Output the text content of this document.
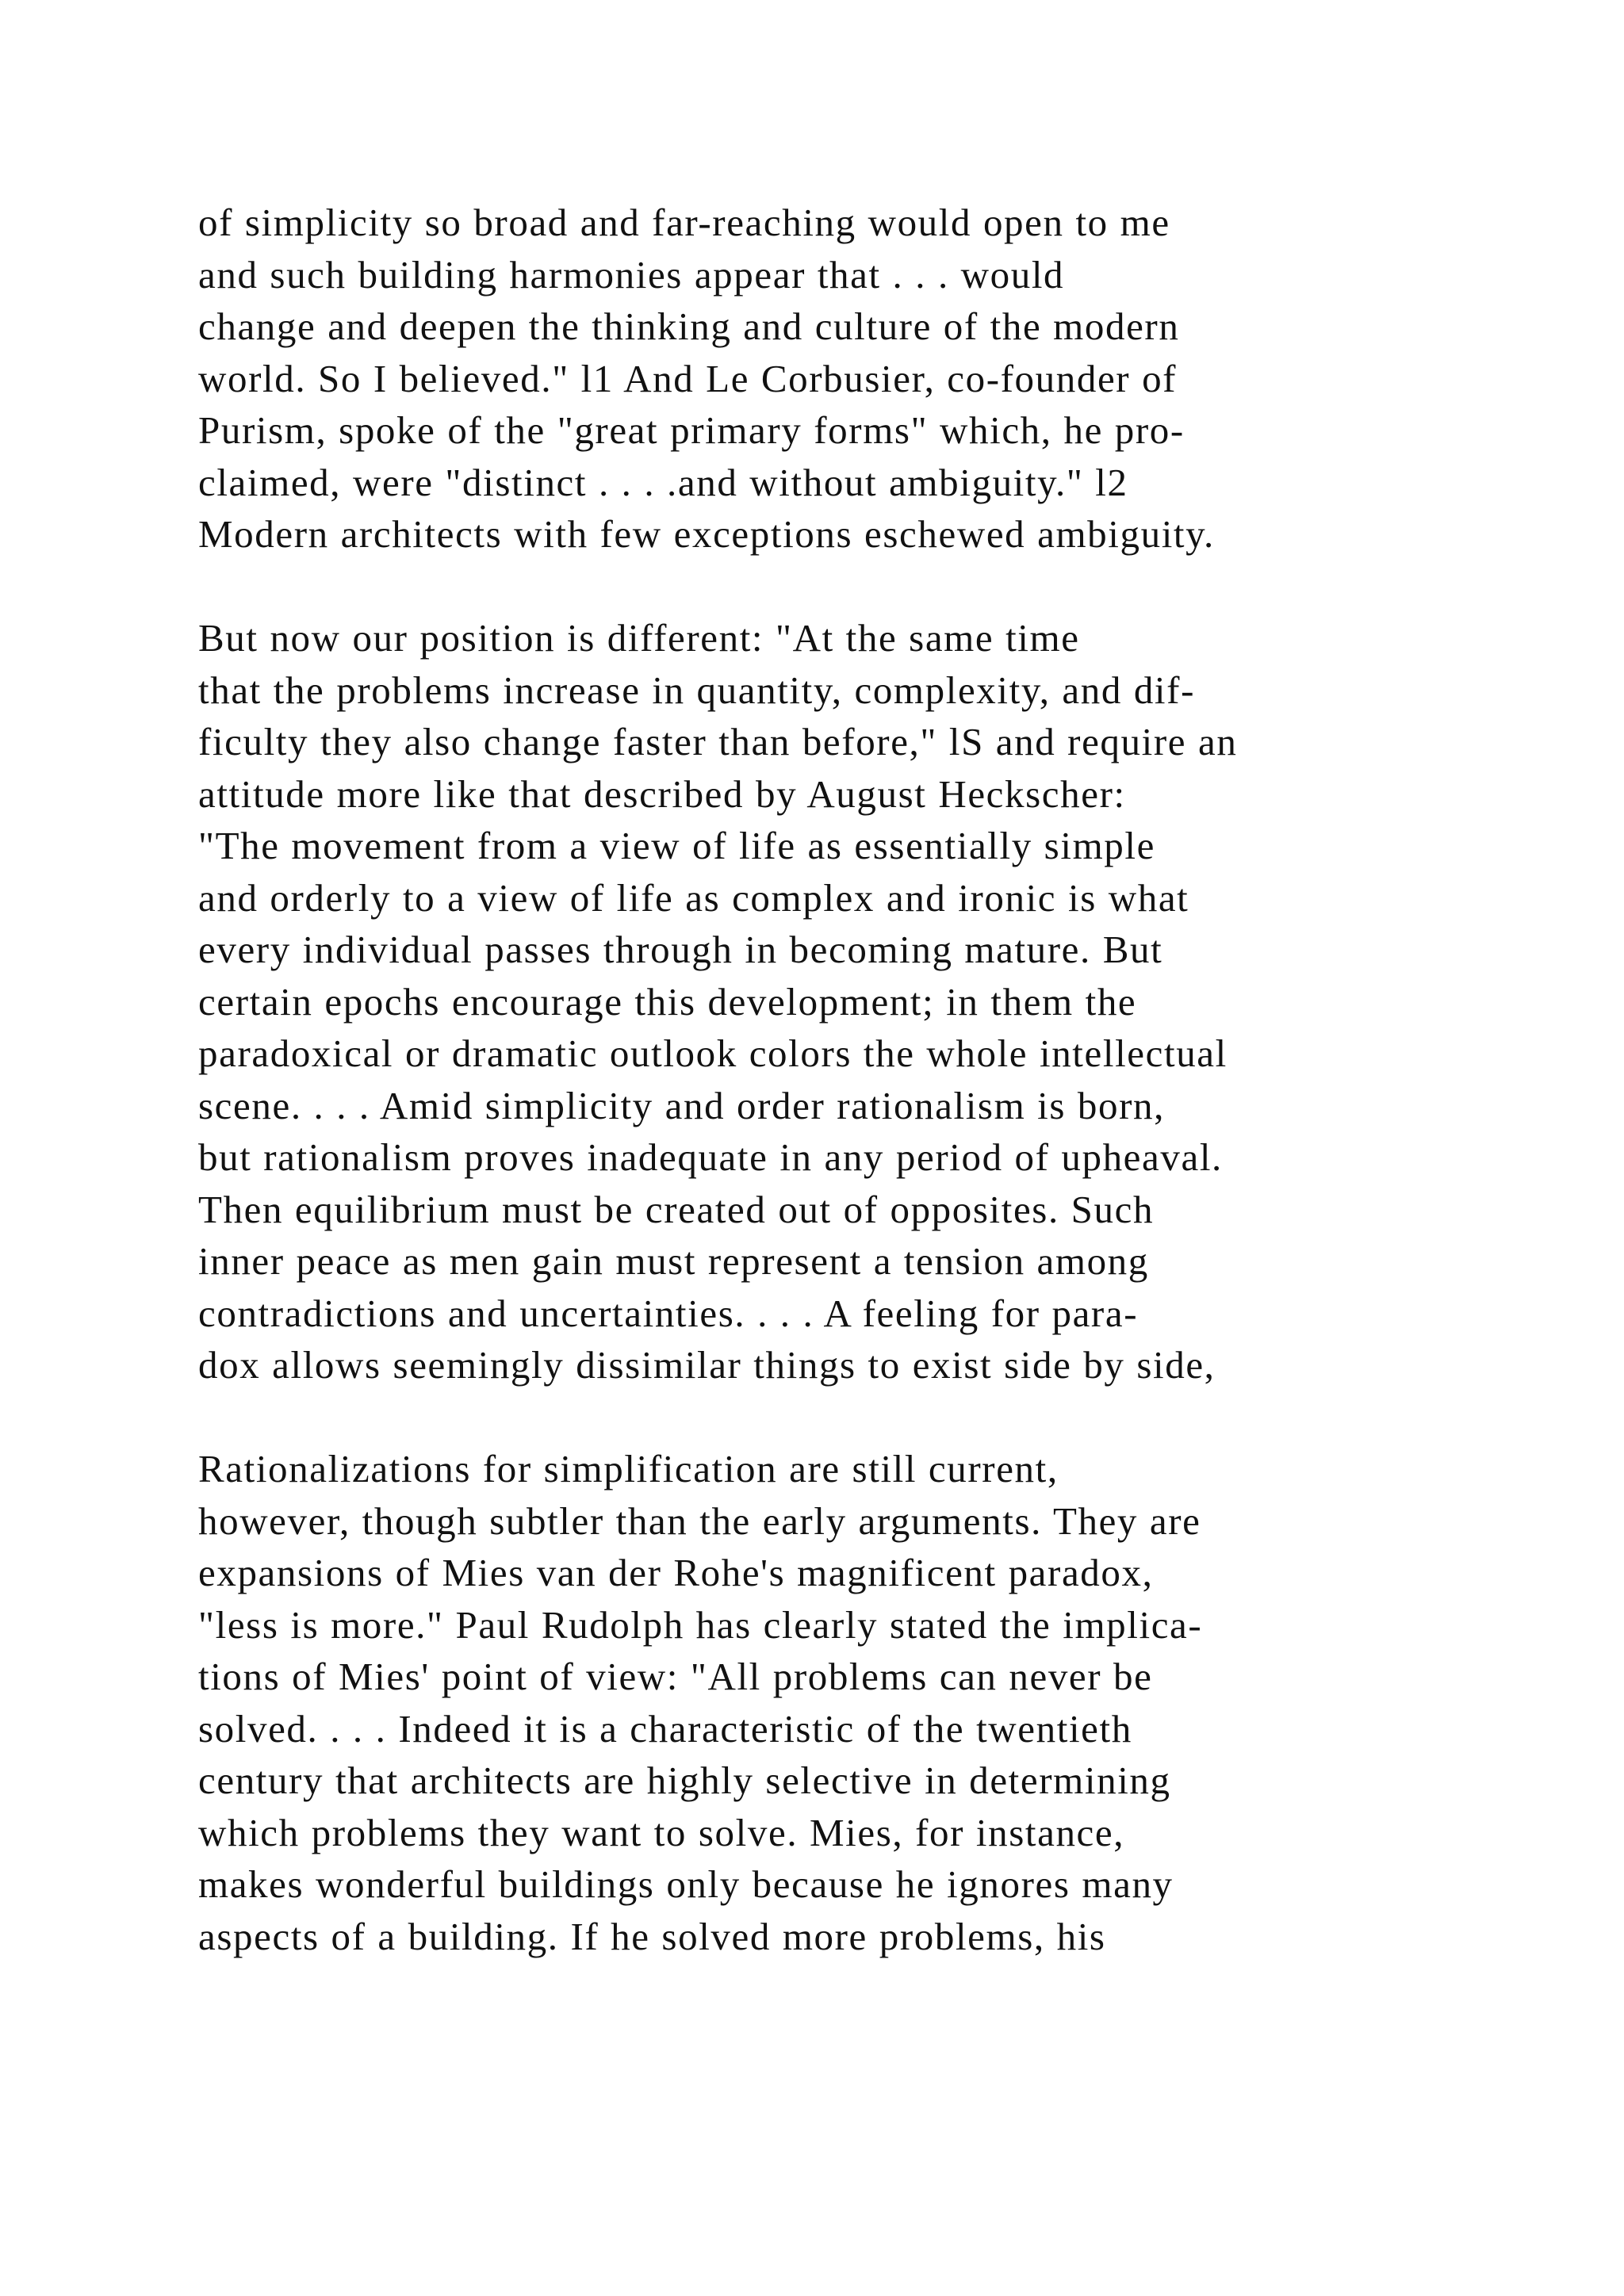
of simplicity so broad and far-reaching would open to me
and such building harmonies appear that . . . would
change and deepen the thinking and culture of the modern
world. So I believed." l1 And Le Corbusier, co-founder of
Purism, spoke of the "great primary forms" which, he pro-
claimed, were "distinct . . . .and without ambiguity." l2
Modern architects with few exceptions eschewed ambiguity.

But now our position is different: "At the same time
that the problems increase in quantity, complexity, and dif-
ficulty they also change faster than before," lS and require an
attitude more like that described by August Heckscher:
"The movement from a view of life as essentially simple
and orderly to a view of life as complex and ironic is what
every individual passes through in becoming mature. But
certain epochs encourage this development; in them the
paradoxical or dramatic outlook colors the whole intellectual
scene. . . . Amid simplicity and order rationalism is born,
but rationalism proves inadequate in any period of upheaval.
Then equilibrium must be created out of opposites. Such
inner peace as men gain must represent a tension among
contradictions and uncertainties. . . . A feeling for para-
dox allows seemingly dissimilar things to exist side by side,

Rationalizations for simplification are still current,
however, though subtler than the early arguments. They are
expansions of Mies van der Rohe's magnificent paradox,
"less is more." Paul Rudolph has clearly stated the implica-
tions of Mies' point of view: "All problems can never be
solved. . . . Indeed it is a characteristic of the twentieth
century that architects are highly selective in determining
which problems they want to solve. Mies, for instance,
makes wonderful buildings only because he ignores many
aspects of a building. If he solved more problems, his
